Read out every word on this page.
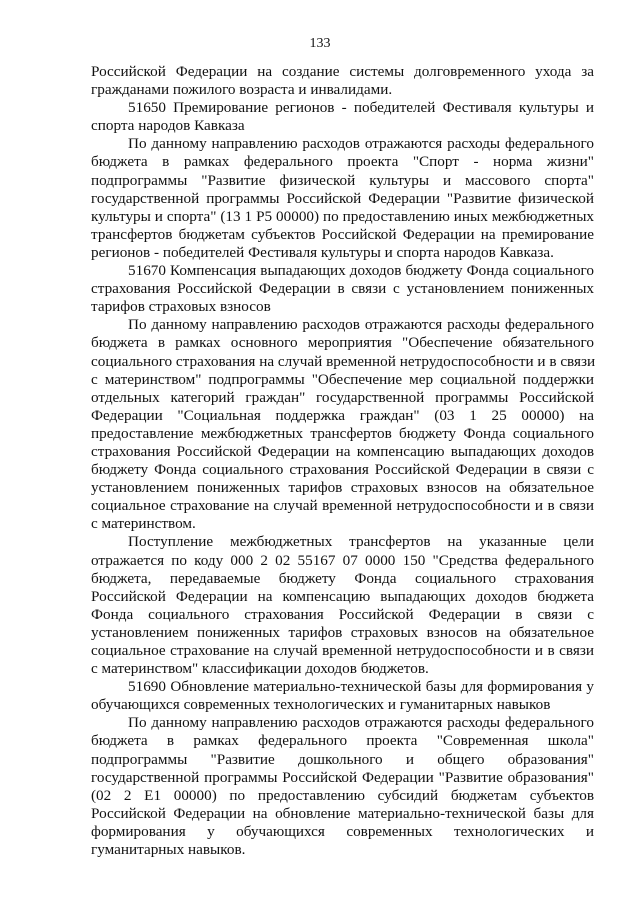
133
Российской Федерации на создание системы долговременного ухода за
гражданами пожилого возраста и инвалидами.
51650 Премирование регионов - победителей Фестиваля культуры и
спорта народов Кавказа
По данному направлению расходов отражаются расходы федерального
бюджета в рамках федерального проекта "Спорт - норма жизни"
подпрограммы "Развитие физической культуры и массового спорта"
государственной программы Российской Федерации "Развитие физической
культуры и спорта" (13 1 P5 00000) по предоставлению иных межбюджетных
трансфертов бюджетам субъектов Российской Федерации на премирование
регионов - победителей Фестиваля культуры и спорта народов Кавказа.
51670 Компенсация выпадающих доходов бюджету Фонда социального
страхования Российской Федерации в связи с установлением пониженных
тарифов страховых взносов
По данному направлению расходов отражаются расходы федерального
бюджета в рамках основного мероприятия "Обеспечение обязательного
социального страхования на случай временной нетрудоспособности и в связи
с материнством" подпрограммы "Обеспечение мер социальной поддержки
отдельных категорий граждан" государственной программы Российской
Федерации "Социальная поддержка граждан" (03 1 25 00000) на
предоставление межбюджетных трансфертов бюджету Фонда социального
страхования Российской Федерации на компенсацию выпадающих доходов
бюджету Фонда социального страхования Российской Федерации в связи с
установлением пониженных тарифов страховых взносов на обязательное
социальное страхование на случай временной нетрудоспособности и в связи
с материнством.
Поступление межбюджетных трансфертов на указанные цели
отражается по коду 000 2 02 55167 07 0000 150 "Средства федерального
бюджета, передаваемые бюджету Фонда социального страхования
Российской Федерации на компенсацию выпадающих доходов бюджета
Фонда социального страхования Российской Федерации в связи с
установлением пониженных тарифов страховых взносов на обязательное
социальное страхование на случай временной нетрудоспособности и в связи
с материнством" классификации доходов бюджетов.
51690 Обновление материально-технической базы для формирования у
обучающихся современных технологических и гуманитарных навыков
По данному направлению расходов отражаются расходы федерального
бюджета в рамках федерального проекта "Современная школа"
подпрограммы "Развитие дошкольного и общего образования"
государственной программы Российской Федерации "Развитие образования"
(02 2 E1 00000) по предоставлению субсидий бюджетам субъектов
Российской Федерации на обновление материально-технической базы для
формирования у обучающихся современных технологических и
гуманитарных навыков.
